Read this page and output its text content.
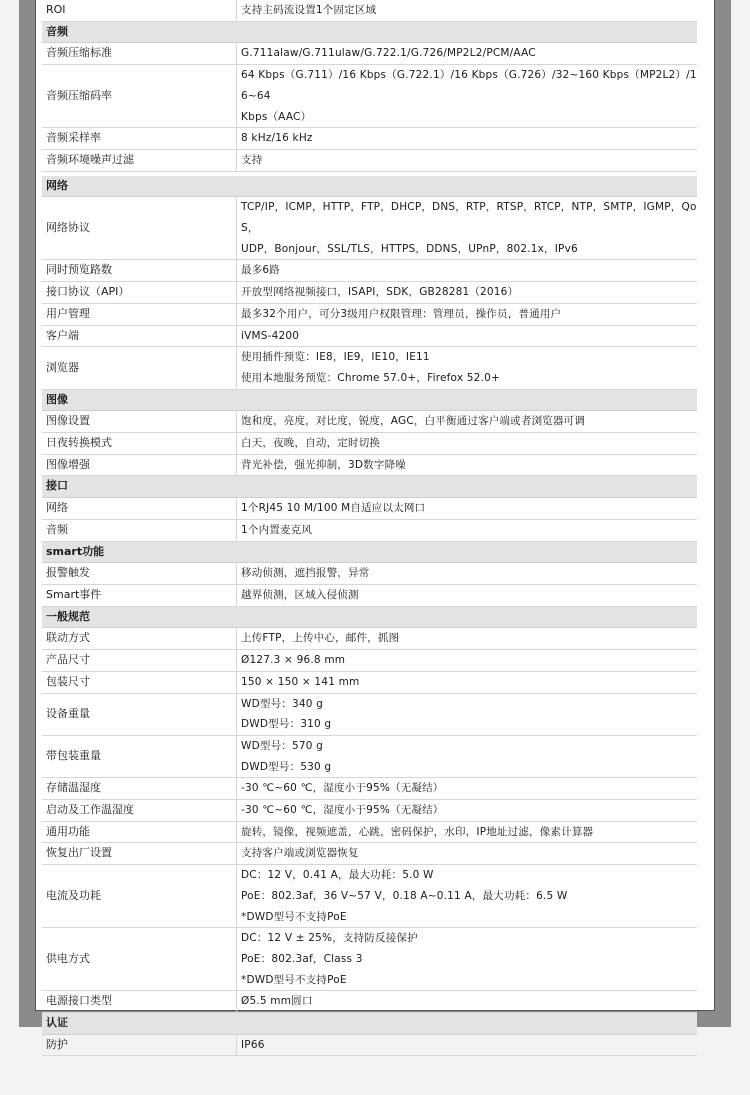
ROI	支持主码流设置1个固定区域

音频	
音频压缩标准	G.711alaw/G.711ulaw/G.722.1/G.726/MP2L2/PCM/AAC

音频压缩码率	64 Kbps（G.711）/16 Kbps（G.722.1）/16 Kbps（G.726）/32~160 Kbps（MP2L2）/16~64
Kbps（AAC）

音频采样率	8 kHz/16 kHz

音频环境噪声过滤	支持

网络	
网络协议	TCP/IP，ICMP，HTTP，FTP，DHCP，DNS，RTP，RTSP，RTCP，NTP，SMTP，IGMP，QoS，
UDP，Bonjour，SSL/TLS，HTTPS，DDNS，UPnP，802.1x，IPv6

同时预览路数	最多6路

接口协议（API）	开放型网络视频接口，ISAPI，SDK，GB28281（2016）

用户管理	最多32个用户，可分3级用户权限管理：管理员，操作员，普通用户

客户端	iVMS-4200

浏览器	使用插件预览：IE8，IE9，IE10，IE11
使用本地服务预览：Chrome 57.0+，Firefox 52.0+

图像	
图像设置	饱和度，亮度，对比度，锐度，AGC，白平衡通过客户端或者浏览器可调

日夜转换模式	白天，夜晚，自动，定时切换

图像增强	背光补偿，强光抑制，3D数字降噪

接口	
网络	1个RJ45 10 M/100 M自适应以太网口

音频	1个内置麦克风

smart功能	
报警触发	移动侦测，遮挡报警，异常

Smart事件	越界侦测，区域入侵侦测

一般规范	
联动方式	上传FTP，上传中心，邮件，抓图

产品尺寸	Ø127.3 × 96.8 mm

包装尺寸	150 × 150 × 141 mm

设备重量	WD型号：340 g
DWD型号：310 g

带包装重量	WD型号：570 g
DWD型号：530 g

存储温湿度	-30 ℃~60 ℃，湿度小于95%（无凝结）

启动及工作温湿度	-30 ℃~60 ℃，湿度小于95%（无凝结）

通用功能	旋转，镜像，视频遮盖，心跳，密码保护，水印，IP地址过滤，像素计算器

恢复出厂设置	支持客户端或浏览器恢复

电流及功耗	DC：12 V，0.41 A，最大功耗：5.0 W
PoE：802.3af，36 V~57 V，0.18 A~0.11 A，最大功耗：6.5 W
*DWD型号不支持PoE

供电方式	DC：12 V ± 25%，支持防反接保护
PoE：802.3af，Class 3
*DWD型号不支持PoE

电源接口类型	Ø5.5 mm圆口

认证	
防护	IP66
